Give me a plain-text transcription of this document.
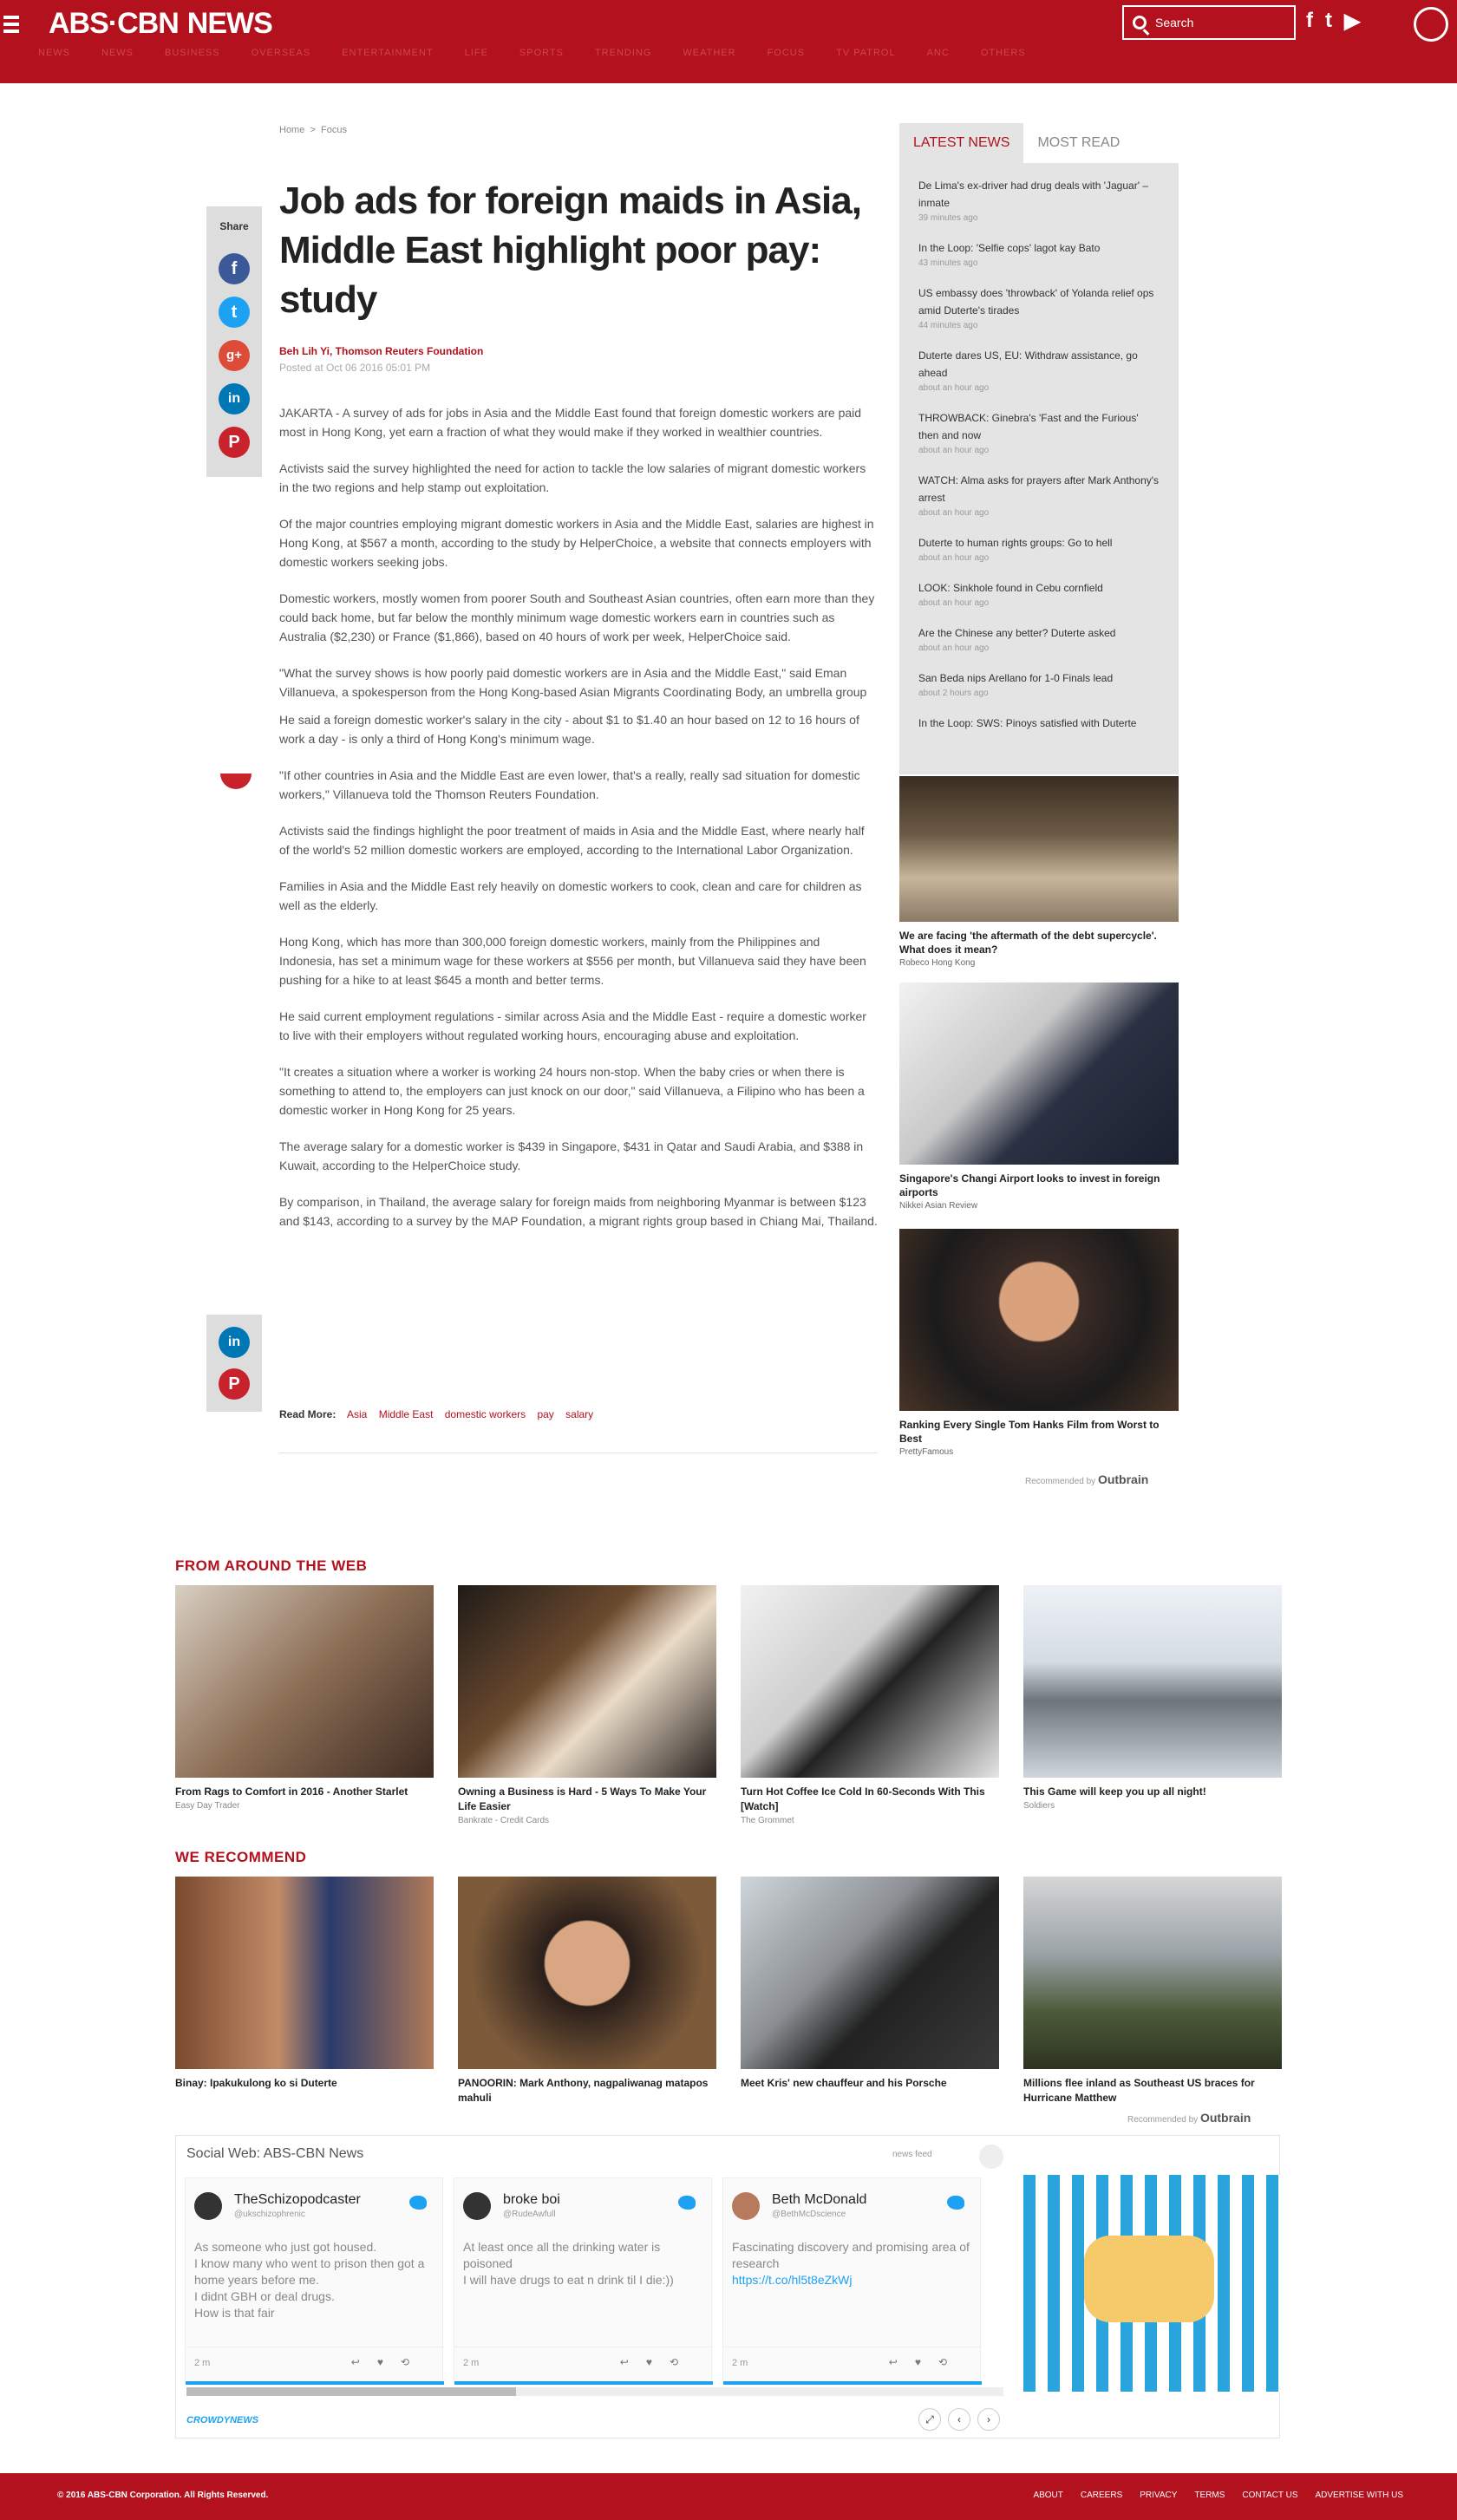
ABS·CBN NEWS
NEWS	NEWS	BUSINESS	OVERSEAS	ENTERTAINMENT	LIFE	SPORTS	TRENDING	WEATHER	FOCUS	TV PATROL	ANC	OTHERS
Search	f t ▶
Home > Focus
Job ads for foreign maids in Asia, Middle East highlight poor pay: study
Beh Lih Yi, Thomson Reuters Foundation
Posted at Oct 06 2016 05:01 PM
Share
f
t
g+
in
P
in
P

JAKARTA - A survey of ads for jobs in Asia and the Middle East found that foreign domestic workers are paid most in Hong Kong, yet earn a fraction of what they would make if they worked in wealthier countries.

Activists said the survey highlighted the need for action to tackle the low salaries of migrant domestic workers in the two regions and help stamp out exploitation.

Of the major countries employing migrant domestic workers in Asia and the Middle East, salaries are highest in Hong Kong, at $567 a month, according to the study by HelperChoice, a website that connects employers with domestic workers seeking jobs.

Domestic workers, mostly women from poorer South and Southeast Asian countries, often earn more than they could back home, but far below the monthly minimum wage domestic workers earn in countries such as Australia ($2,230) or France ($1,866), based on 40 hours of work per week, HelperChoice said.

"What the survey shows is how poorly paid domestic workers are in Asia and the Middle East," said Eman Villanueva, a spokesperson from the Hong Kong-based Asian Migrants Coordinating Body, an umbrella group

He said a foreign domestic worker's salary in the city - about $1 to $1.40 an hour based on 12 to 16 hours of work a day - is only a third of Hong Kong's minimum wage.

"If other countries in Asia and the Middle East are even lower, that's a really, really sad situation for domestic workers," Villanueva told the Thomson Reuters Foundation.

Activists said the findings highlight the poor treatment of maids in Asia and the Middle East, where nearly half of the world's 52 million domestic workers are employed, according to the International Labor Organization.

Families in Asia and the Middle East rely heavily on domestic workers to cook, clean and care for children as well as the elderly.

Hong Kong, which has more than 300,000 foreign domestic workers, mainly from the Philippines and Indonesia, has set a minimum wage for these workers at $556 per month, but Villanueva said they have been pushing for a hike to at least $645 a month and better terms.

He said current employment regulations - similar across Asia and the Middle East - require a domestic worker to live with their employers without regulated working hours, encouraging abuse and exploitation.

"It creates a situation where a worker is working 24 hours non-stop. When the baby cries or when there is something to attend to, the employers can just knock on our door," said Villanueva, a Filipino who has been a domestic worker in Hong Kong for 25 years.

The average salary for a domestic worker is $439 in Singapore, $431 in Qatar and Saudi Arabia, and $388 in Kuwait, according to the HelperChoice study.

By comparison, in Thailand, the average salary for foreign maids from neighboring Myanmar is between $123 and $143, according to a survey by the MAP Foundation, a migrant rights group based in Chiang Mai, Thailand.

Read More: Asia Middle East domestic workers pay salary
LATEST NEWS	MOST READ
De Lima's ex-driver had drug deals with 'Jaguar' – inmate
39 minutes ago
In the Loop: 'Selfie cops' lagot kay Bato
43 minutes ago
US embassy does 'throwback' of Yolanda relief ops amid Duterte's tirades
44 minutes ago
Duterte dares US, EU: Withdraw assistance, go ahead
about an hour ago
THROWBACK: Ginebra's 'Fast and the Furious' then and now
about an hour ago
WATCH: Alma asks for prayers after Mark Anthony's arrest
about an hour ago
Duterte to human rights groups: Go to hell
about an hour ago
LOOK: Sinkhole found in Cebu cornfield
about an hour ago
Are the Chinese any better? Duterte asked
about an hour ago
San Beda nips Arellano for 1-0 Finals lead
about 2 hours ago
In the Loop: SWS: Pinoys satisfied with Duterte
We are facing 'the aftermath of the debt supercycle'. What does it mean?
Robeco Hong Kong
Singapore's Changi Airport looks to invest in foreign airports
Nikkei Asian Review
Ranking Every Single Tom Hanks Film from Worst to Best
PrettyFamous
Recommended by Outbrain
FROM AROUND THE WEB
From Rags to Comfort in 2016 - Another Starlet
Easy Day Trader
Owning a Business is Hard - 5 Ways To Make Your Life Easier
Bankrate - Credit Cards
Turn Hot Coffee Ice Cold In 60-Seconds With This [Watch]
The Grommet
This Game will keep you up all night!
Soldiers
WE RECOMMEND
Binay: Ipakukulong ko si Duterte	PANOORIN: Mark Anthony, nagpaliwanag matapos mahuli
Meet Kris' new chauffeur and his Porsche	Millions flee inland as Southeast US braces for Hurricane Matthew
Recommended by Outbrain
Social Web: ABS-CBN News	news feed
TheSchizopodcaster
@ukschizophrenic
As someone who just got housed.
I know many who went to prison then got a home years before me.
I didnt GBH or deal drugs.
How is that fair
2 m	↩♥⟲
broke boi
@RudeAwfull
At least once all the drinking water is poisoned
I will have drugs to eat n drink til I die:))
2 m	↩♥⟲
Beth McDonald
@BethMcDscience
Fascinating discovery and promising area of research
https://t.co/hl5t8eZkWj
2 m	↩♥⟲
CROWDYNEWS	⤢	‹	›
© 2016 ABS-CBN Corporation. All Rights Reserved.	ABOUT CAREERS PRIVACY TERMS CONTACT US ADVERTISE WITH US
